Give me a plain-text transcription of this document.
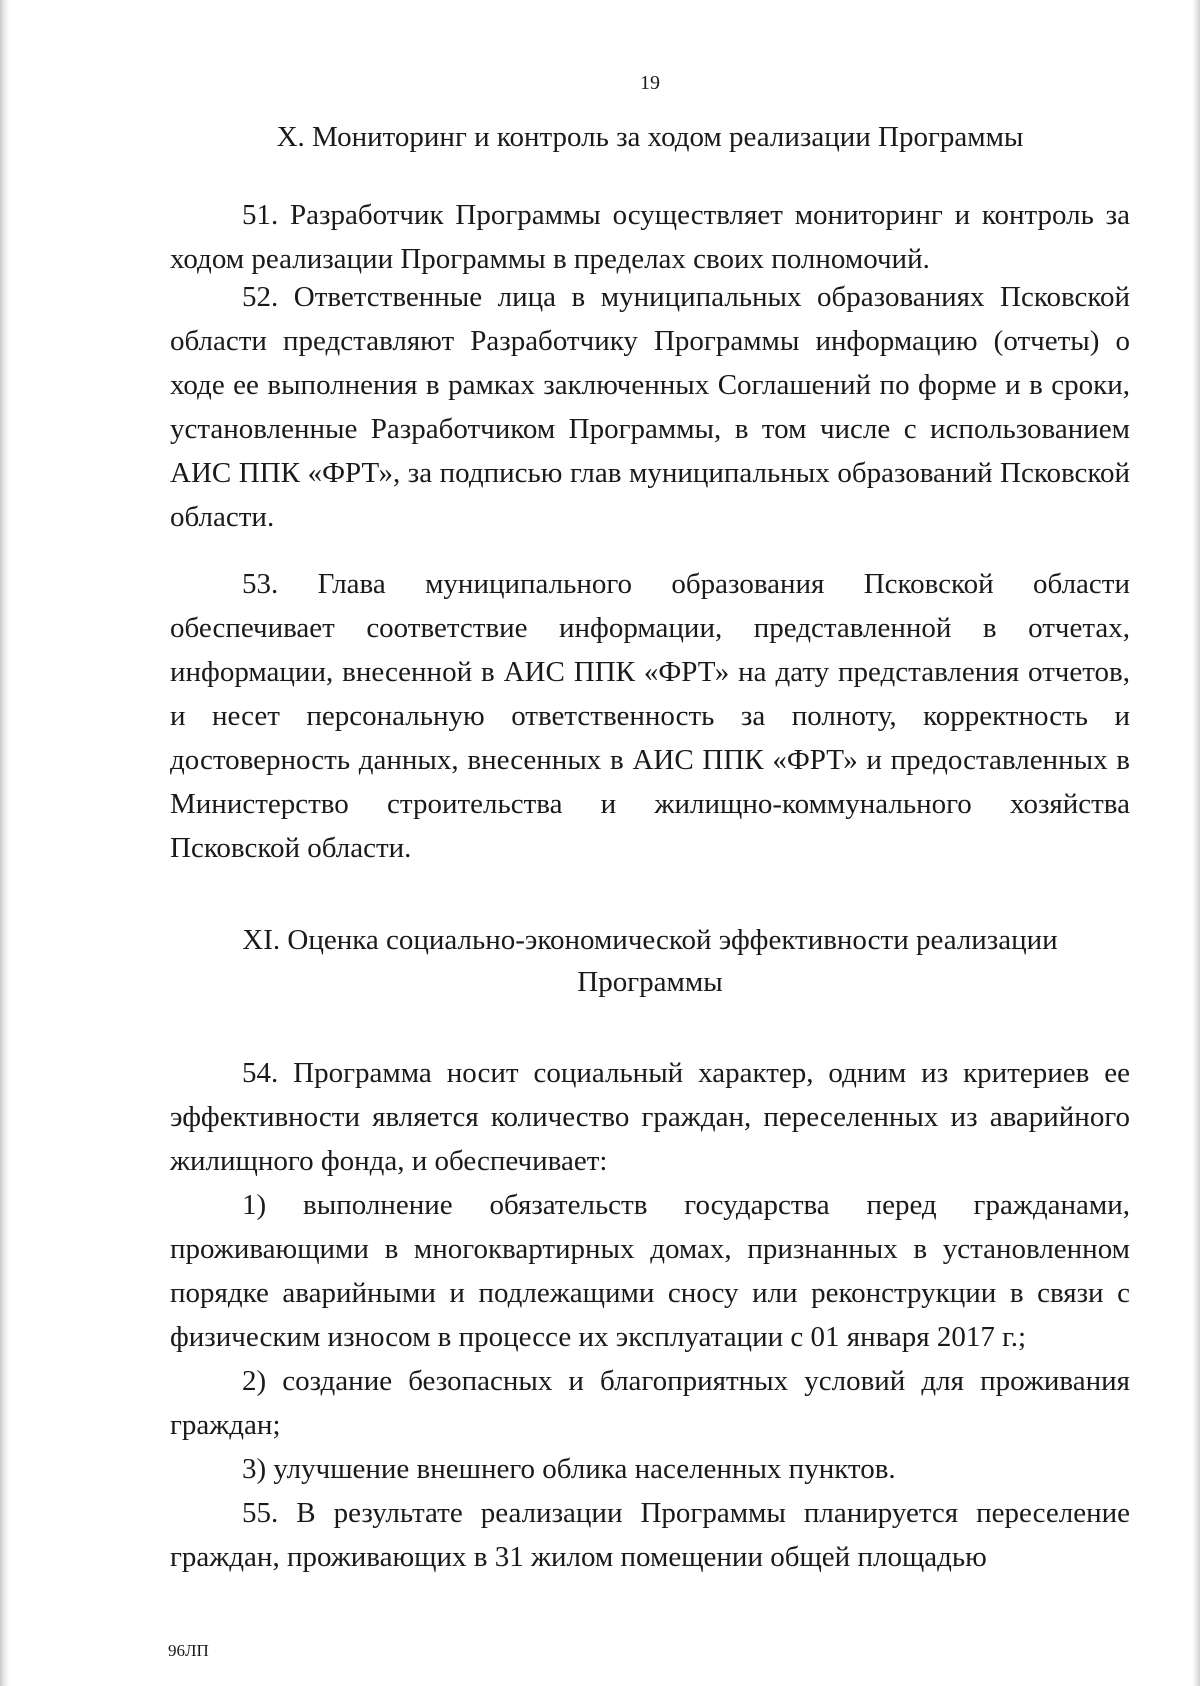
19
X. Мониторинг и контроль за ходом реализации Программы

51. Разработчик Программы осуществляет мониторинг и контроль за ходом реализации Программы в пределах своих полномочий.

52. Ответственные лица в муниципальных образованиях Псковской области представляют Разработчику Программы информацию (отчеты) о ходе ее выполнения в рамках заключенных Соглашений по форме и в сроки, установленные Разработчиком Программы, в том числе с использованием АИС ППК «ФРТ», за подписью глав муниципальных образований Псковской области.

53. Глава муниципального образования Псковской области обеспечивает соответствие информации, представленной в отчетах, информации, внесенной в АИС ППК «ФРТ» на дату представления отчетов, и несет персональную ответственность за полноту, корректность и достоверность данных, внесенных в АИС ППК «ФРТ» и предоставленных в Министерство строительства и жилищно-коммунального хозяйства Псковской области.

XI. Оценка социально-экономической эффективности реализации Программы

54. Программа носит социальный характер, одним из критериев ее эффективности является количество граждан, переселенных из аварийного жилищного фонда, и обеспечивает:

1) выполнение обязательств государства перед гражданами, проживающими в многоквартирных домах, признанных в установленном порядке аварийными и подлежащими сносу или реконструкции в связи с физическим износом в процессе их эксплуатации с 01 января 2017 г.;

2) создание безопасных и благоприятных условий для проживания граждан;

3) улучшение внешнего облика населенных пунктов.

55. В результате реализации Программы планируется переселение граждан, проживающих в 31 жилом помещении общей площадью

96ЛП
